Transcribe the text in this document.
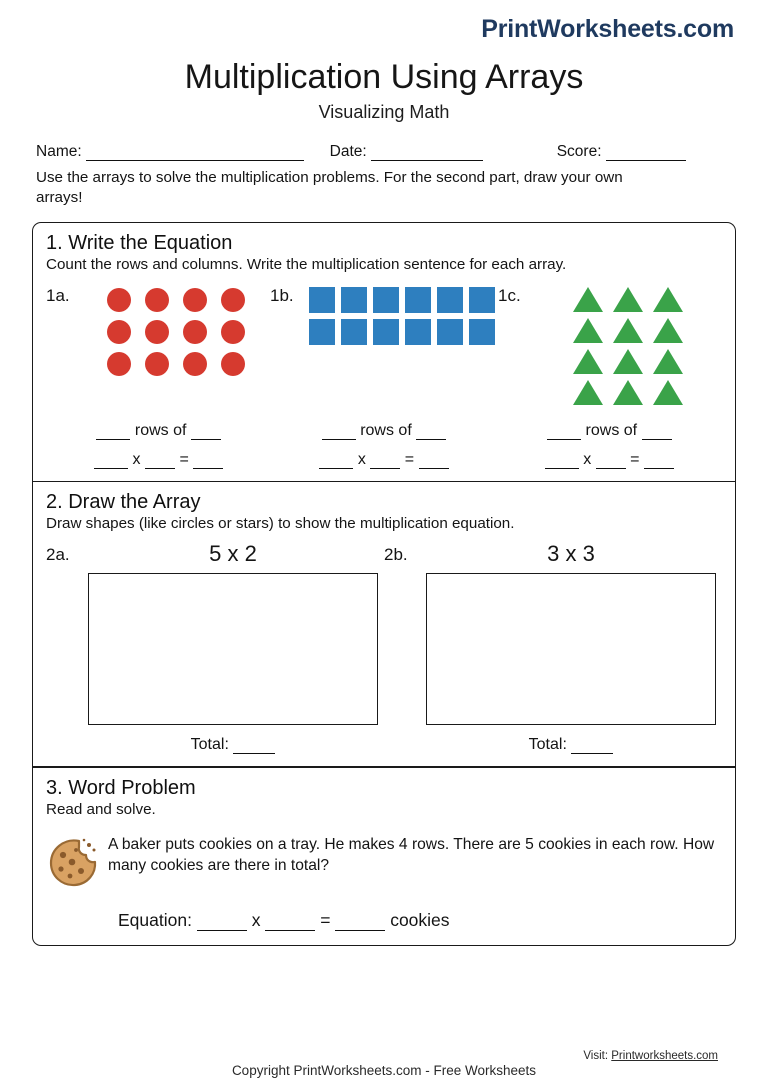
PrintWorksheets.com
Multiplication Using Arrays
Visualizing Math
Name:	Date:	Score:
Use the arrays to solve the multiplication problems. For the second part, draw your own arrays!
1. Write the Equation
Count the rows and columns. Write the multiplication sentence for each array.
1a.	1b.	1c.

rows of

x

=

rows of

x

=

rows of

x

=

2. Draw the Array
Draw shapes (like circles or stars) to show the multiplication equation.
2a.	5 x 2
Total:

2b.	3 x 3
Total:

3. Word Problem
Read and solve.
A baker puts cookies on a tray. He makes 4 rows. There are 5 cookies in each row. How many cookies are there in total?
Equation:

	x

	=

	cookies
Copyright PrintWorksheets.com - Free Worksheets
Visit: Printworksheets.com
